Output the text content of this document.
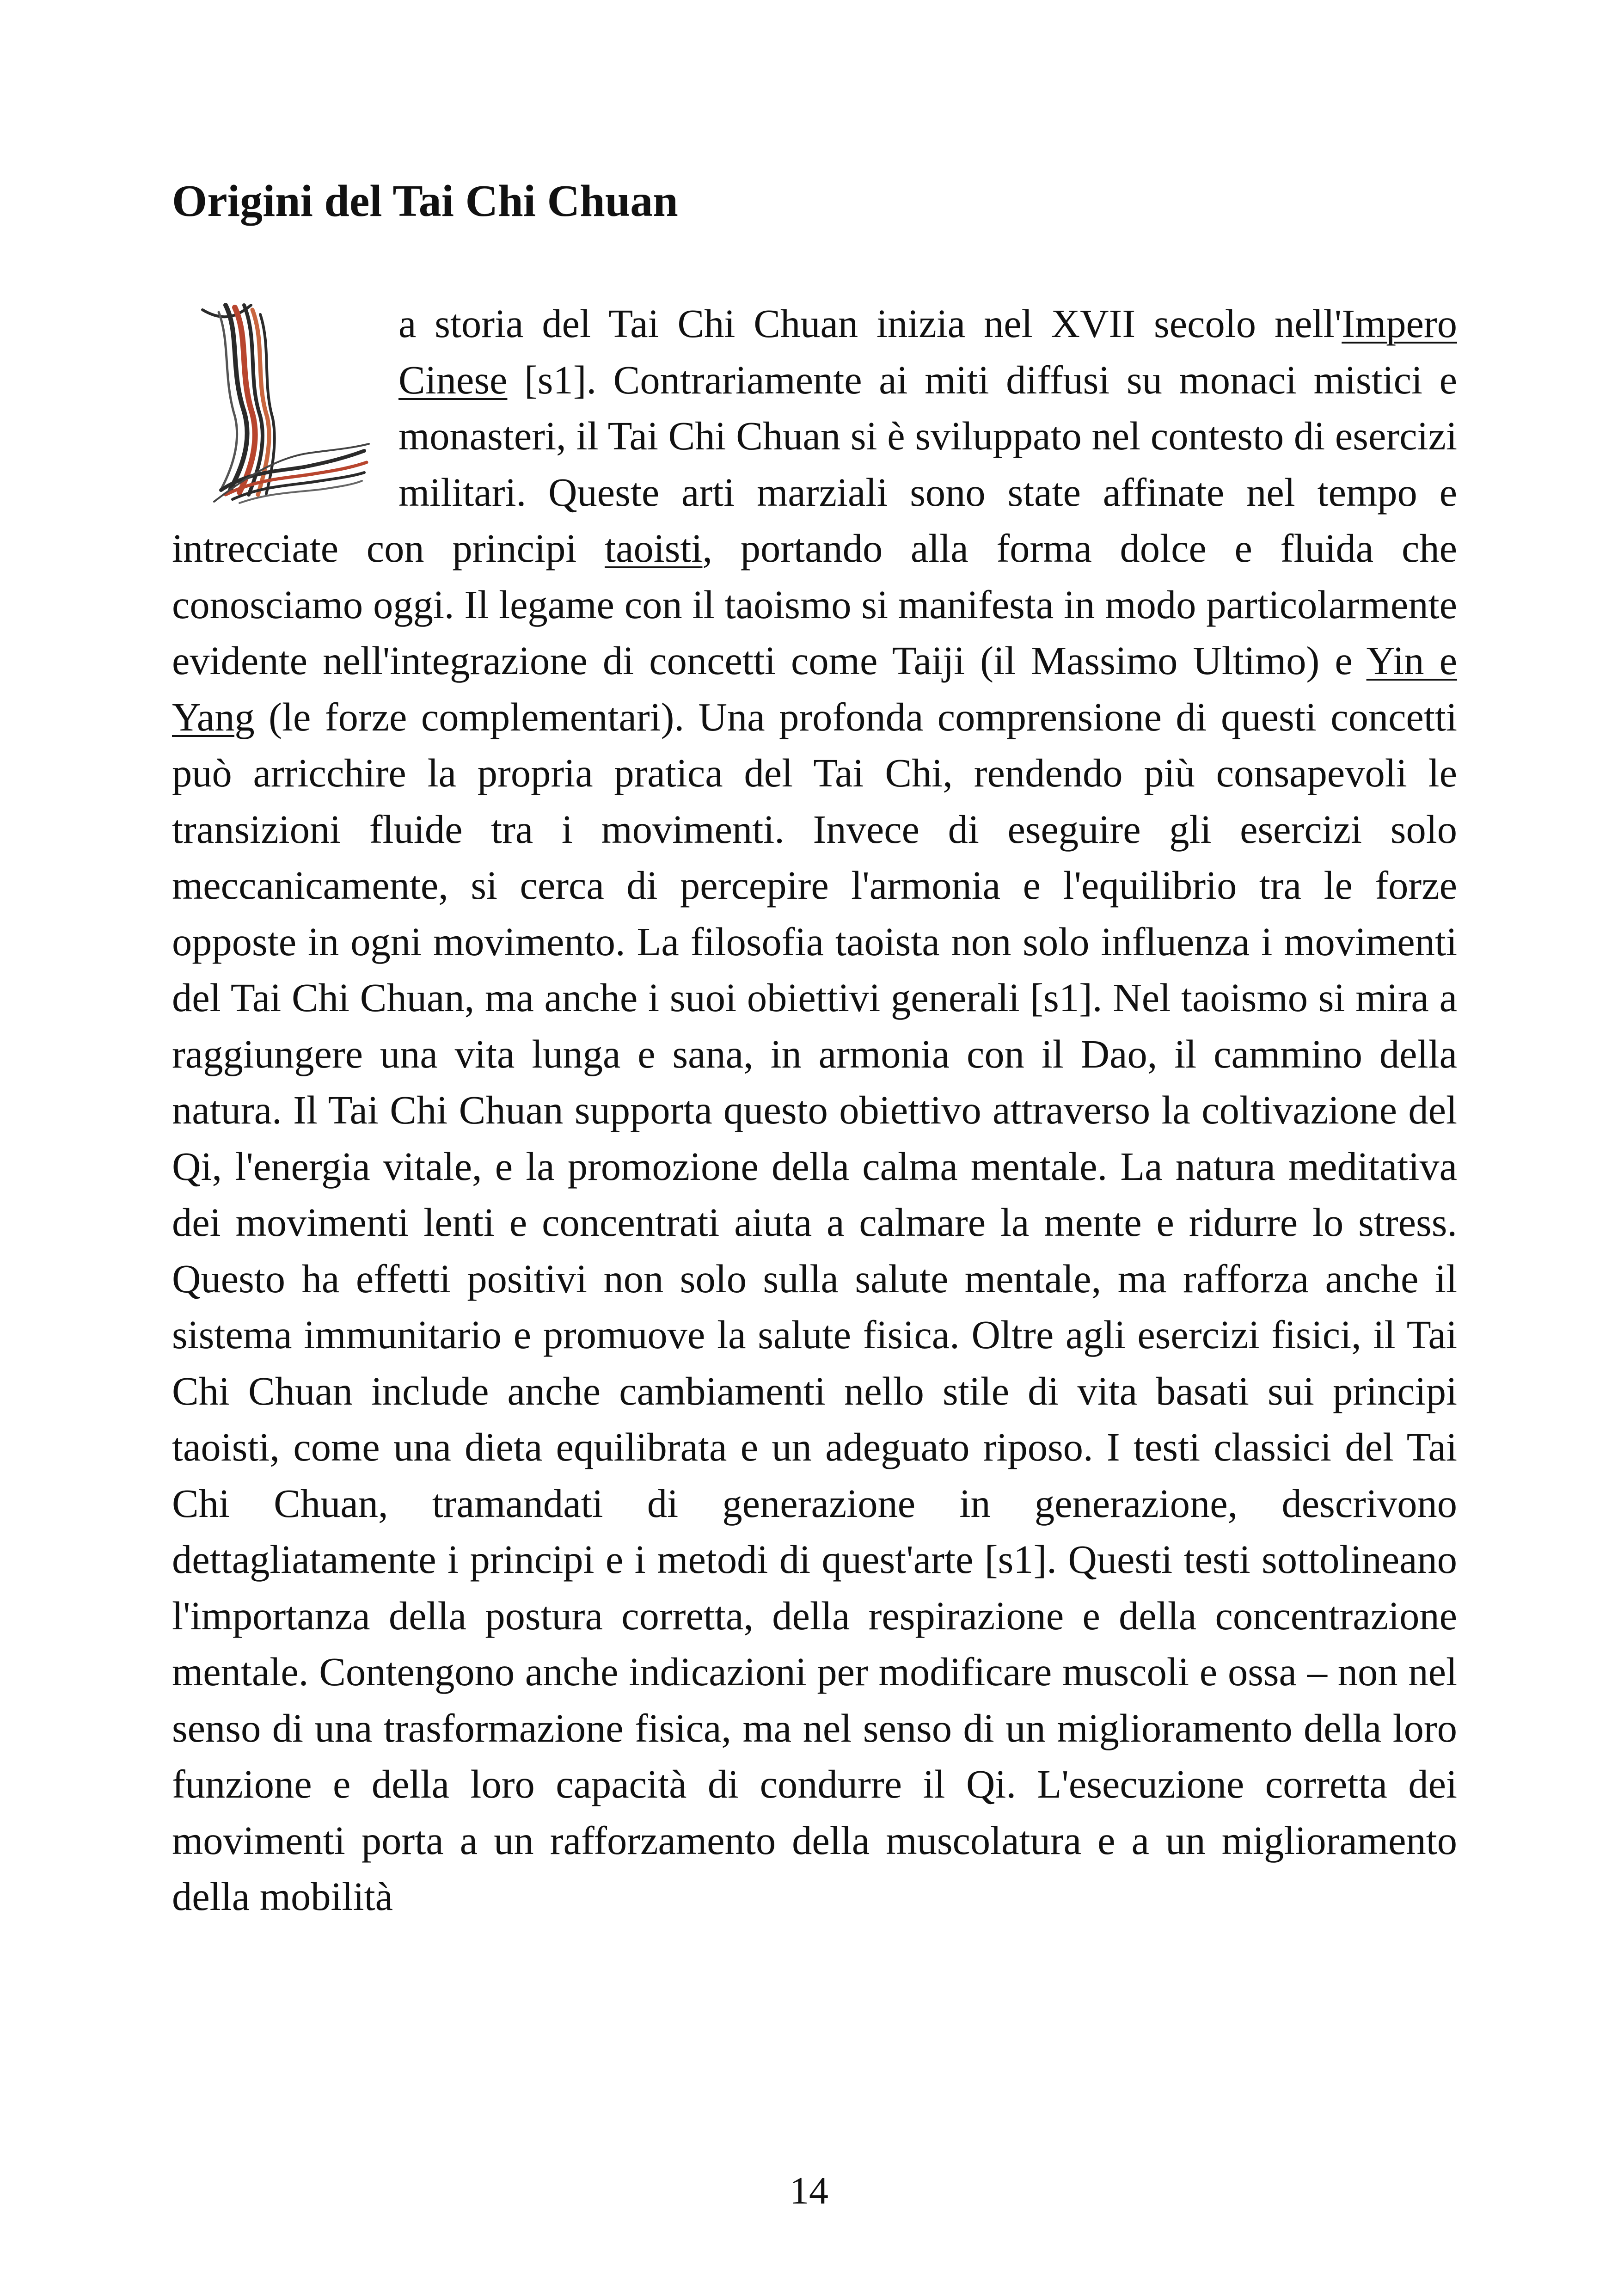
Origini del Tai Chi Chuan

a storia del Tai Chi Chuan inizia nel XVII secolo nell'Impero Cinese [s1]. Contrariamente ai miti diffusi su monaci mistici e monasteri, il Tai Chi Chuan si è sviluppato nel contesto di esercizi militari. Queste arti marziali sono state affinate nel tempo e intrecciate con principi taoisti, portando alla forma dolce e fluida che conosciamo oggi. Il legame con il taoismo si manifesta in modo particolarmente evidente nell'integrazione di concetti come Taiji (il Massimo Ultimo) e Yin e Yang (le forze complementari). Una profonda comprensione di questi concetti può arricchire la propria pratica del Tai Chi, rendendo più consapevoli le transizioni fluide tra i movimenti. Invece di eseguire gli esercizi solo meccanicamente, si cerca di percepire l'armonia e l'equilibrio tra le forze opposte in ogni movimento. La filosofia taoista non solo influenza i movimenti del Tai Chi Chuan, ma anche i suoi obiettivi generali [s1]. Nel taoismo si mira a raggiungere una vita lunga e sana, in armonia con il Dao, il cammino della natura. Il Tai Chi Chuan supporta questo obiettivo attraverso la coltivazione del Qi, l'energia vitale, e la promozione della calma mentale. La natura meditativa dei movimenti lenti e concentrati aiuta a calmare la mente e ridurre lo stress. Questo ha effetti positivi non solo sulla salute mentale, ma rafforza anche il sistema immunitario e promuove la salute fisica. Oltre agli esercizi fisici, il Tai Chi Chuan include anche cambiamenti nello stile di vita basati sui principi taoisti, come una dieta equilibrata e un adeguato riposo. I testi classici del Tai Chi Chuan, tramandati di generazione in generazione, descrivono dettagliatamente i principi e i metodi di quest'arte [s1]. Questi testi sottolineano l'importanza della postura corretta, della respirazione e della concentrazione mentale. Contengono anche indicazioni per modificare muscoli e ossa – non nel senso di una trasformazione fisica, ma nel senso di un miglioramento della loro funzione e della loro capacità di condurre il Qi. L'esecuzione corretta dei movimenti porta a un rafforzamento della muscolatura e a un miglioramento della mobilità

14
